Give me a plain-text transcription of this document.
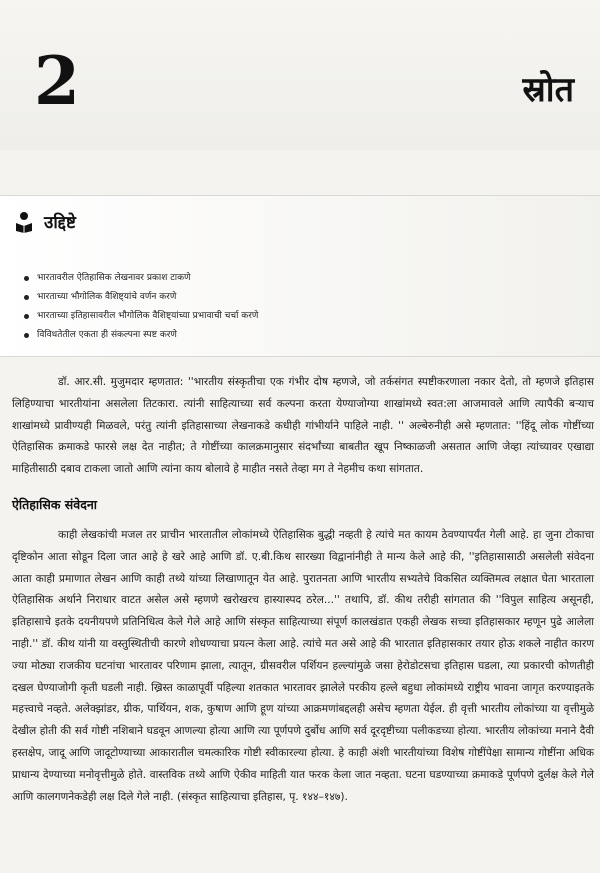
2	स्रोत
उद्दिष्टे
भारतावरील ऐतिहासिक लेखनावर प्रकाश टाकणे
भारताच्या भौगोलिक वैशिष्ट्यांचे वर्णन करणे
भारताच्या इतिहासावरील भौगोलिक वैशिष्ट्यांच्या प्रभावाची चर्चा करणे
विविधतेतील एकता ही संकल्पना स्पष्ट करणे

डॉ. आर.सी. मुजुमदार म्हणतात: ''भारतीय संस्कृतीचा एक गंभीर दोष म्हणजे, जो तर्कसंगत स्पष्टीकरणाला नकार देतो, तो म्हणजे इतिहास लिहिण्याचा भारतीयांना असलेला तिटकारा. त्यांनी साहित्याच्या सर्व कल्पना करता येण्याजोग्या शाखांमध्ये स्वत:ला आजमावले आणि त्यापैकी बऱ्याच शाखांमध्ये प्रावीण्यही मिळवले, परंतु त्यांनी इतिहासाच्या लेखनाकडे कधीही गांभीर्याने पाहिले नाही. '' अल्बेरुनीही असे म्हणतात: ''हिंदू लोक गोष्टींच्या ऐतिहासिक क्रमाकडे फारसे लक्ष देत नाहीत; ते गोष्टींच्या कालक्रमानुसार संदर्भांच्या बाबतीत खूप निष्काळजी असतात आणि जेव्हा त्यांच्यावर एखाद्या माहितीसाठी दबाव टाकला जातो आणि त्यांना काय बोलावे हे माहीत नसते तेव्हा मग ते नेहमीच कथा सांगतात.

ऐतिहासिक संवेदना

काही लेखकांची मजल तर प्राचीन भारतातील लोकांमध्ये ऐतिहासिक बुद्धी नव्हती हे त्यांचे मत कायम ठेवण्यापर्यंत गेली आहे. हा जुना टोकाचा दृष्टिकोन आता सोडून दिला जात आहे हे खरे आहे आणि डॉ. ए.बी.किथ सारख्या विद्वानांनीही ते मान्य केले आहे की, ''इतिहासासाठी असलेली संवेदना आता काही प्रमाणात लेखन आणि काही तथ्ये यांच्या लिखाणातून येत आहे. पुरातनता आणि भारतीय सभ्यतेचे विकसित व्यक्तिमत्व लक्षात घेता भारताला ऐतिहासिक अर्थाने निराधार वाटत असेल असे म्हणणे खरोखरच हास्यास्पद ठरेल...'' तथापि, डॉ. कीथ तरीही सांगतात की ''विपुल साहित्य असूनही, इतिहासाचे इतके दयनीयपणे प्रतिनिधित्व केले गेले आहे आणि संस्कृत साहित्याच्या संपूर्ण कालखंडात एकही लेखक सच्चा इतिहासकार म्हणून पुढे आलेला नाही.'' डॉ. कीथ यांनी या वस्तुस्थितीची कारणे शोधण्याचा प्रयत्न केला आहे. त्यांचे मत असे आहे की भारतात इतिहासकार तयार होऊ शकले नाहीत कारण ज्या मोठ्या राजकीय घटनांचा भारतावर परिणाम झाला, त्यातून, ग्रीसवरील पर्शियन हल्ल्यांमुळे जसा हेरोडोटसचा इतिहास घडला, त्या प्रकारची कोणतीही दखल घेण्याजोगी कृती घडली नाही. ख्रिस्त काळापूर्वी पहिल्या शतकात भारतावर झालेले परकीय हल्ले बहुधा लोकांमध्ये राष्ट्रीय भावना जागृत करण्याइतके महत्त्वाचे नव्हते. अलेक्झांडर, ग्रीक, पार्थियन, शक, कुषाण आणि हूण यांच्या आक्रमणांबद्दलही असेच म्हणता येईल. ही वृत्ती भारतीय लोकांच्या या वृत्तीमुळे देखील होती की सर्व गोष्टी नशिबाने घडवून आणल्या होत्या आणि त्या पूर्णपणे दुर्बोध आणि सर्व दूरदृष्टीच्या पलीकडच्या होत्या. भारतीय लोकांच्या मनाने दैवी हस्तक्षेप, जादू आणि जादूटोण्याच्या आकारातील चमत्कारिक गोष्टी स्वीकारल्या होत्या. हे काही अंशी भारतीयांच्या विशेष गोष्टींपेक्षा सामान्य गोष्टींना अधिक प्राधान्य देण्याच्या मनोवृत्तीमुळे होते. वास्तविक तथ्ये आणि ऐकीव माहिती यात फरक केला जात नव्हता. घटना घडण्याच्या क्रमाकडे पूर्णपणे दुर्लक्ष केले गेले आणि कालगणनेकडेही लक्ष दिले गेले नाही. (संस्कृत साहित्याचा इतिहास, पृ. १४४–१४७).
